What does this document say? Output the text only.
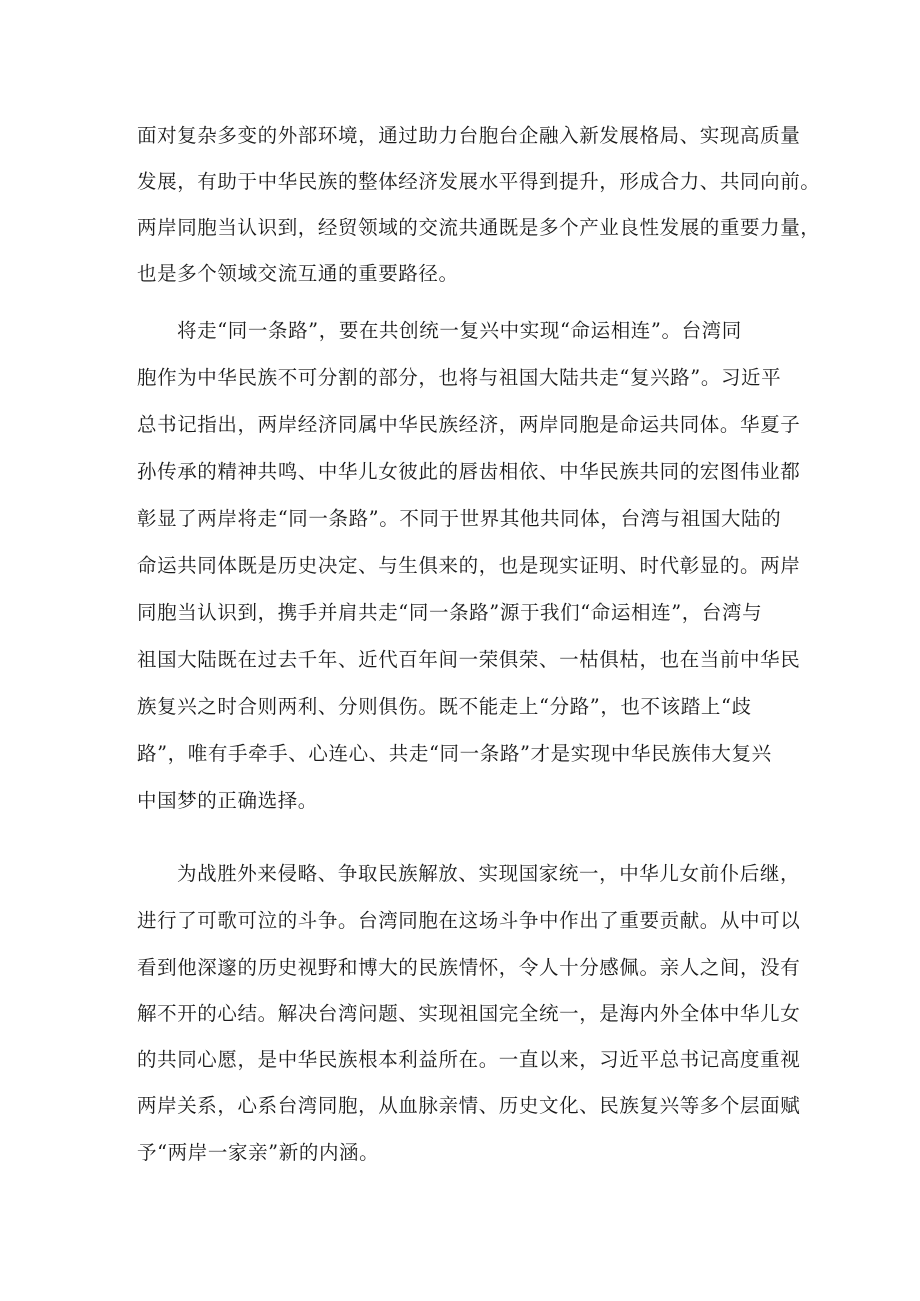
面对复杂多变的外部环境，通过助力台胞台企融入新发展格局、实现高质量

发展，有助于中华民族的整体经济发展水平得到提升，形成合力、共同向前。

两岸同胞当认识到，经贸领域的交流共通既是多个产业良性发展的重要力量，

也是多个领域交流互通的重要路径。

将走“同一条路”，要在共创统一复兴中实现“命运相连”。台湾同

胞作为中华民族不可分割的部分，也将与祖国大陆共走“复兴路”。习近平

总书记指出，两岸经济同属中华民族经济，两岸同胞是命运共同体。华夏子

孙传承的精神共鸣、中华儿女彼此的唇齿相依、中华民族共同的宏图伟业都

彰显了两岸将走“同一条路”。不同于世界其他共同体，台湾与祖国大陆的

命运共同体既是历史决定、与生俱来的，也是现实证明、时代彰显的。两岸

同胞当认识到，携手并肩共走“同一条路”源于我们“命运相连”，台湾与

祖国大陆既在过去千年、近代百年间一荣俱荣、一枯俱枯，也在当前中华民

族复兴之时合则两利、分则俱伤。既不能走上“分路”，也不该踏上“歧

路”，唯有手牵手、心连心、共走“同一条路”才是实现中华民族伟大复兴

中国梦的正确选择。

为战胜外来侵略、争取民族解放、实现国家统一，中华儿女前仆后继，

进行了可歌可泣的斗争。台湾同胞在这场斗争中作出了重要贡献。从中可以

看到他深邃的历史视野和博大的民族情怀，令人十分感佩。亲人之间，没有

解不开的心结。解决台湾问题、实现祖国完全统一，是海内外全体中华儿女

的共同心愿，是中华民族根本利益所在。一直以来，习近平总书记高度重视

两岸关系，心系台湾同胞，从血脉亲情、历史文化、民族复兴等多个层面赋

予“两岸一家亲”新的内涵。
